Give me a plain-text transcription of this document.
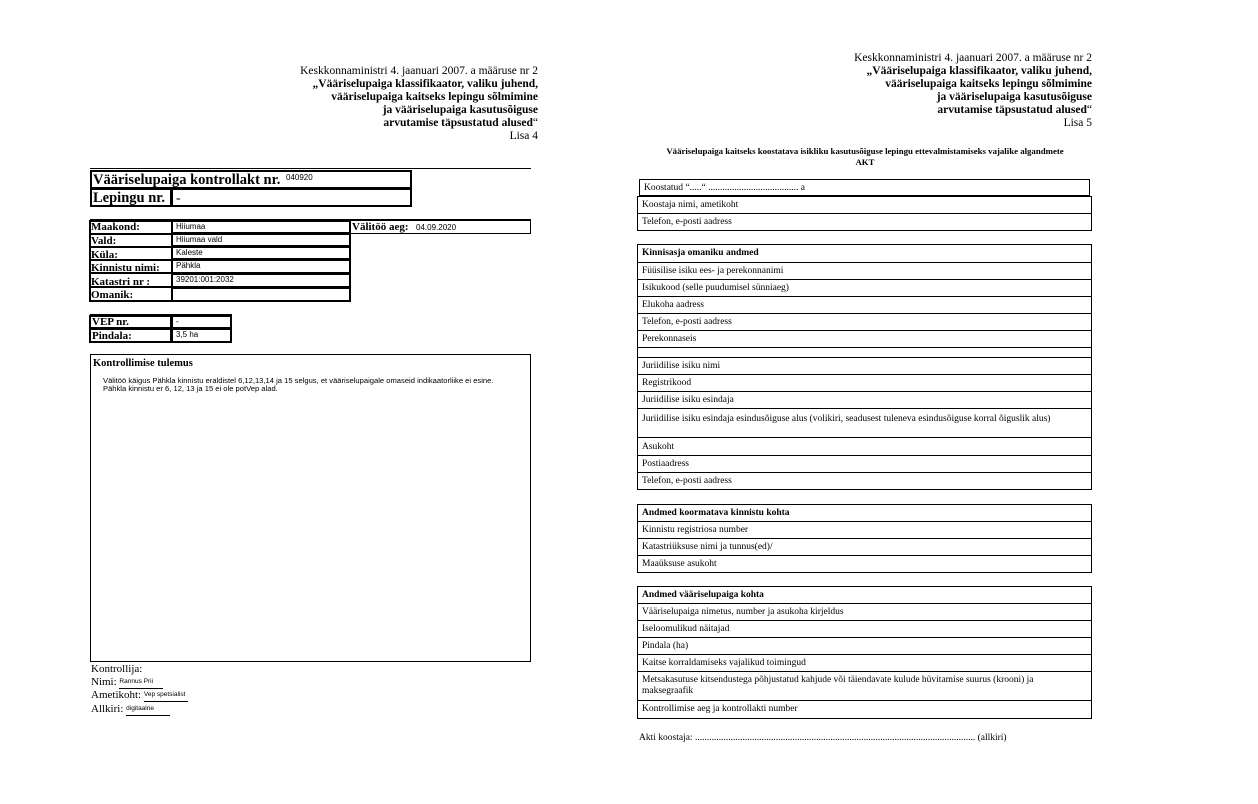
Keskkonnaministri 4. jaanuari 2007. a määruse nr 2
„Vääriselupaiga klassifikaator, valiku juhend,
vääriselupaiga kaitseks lepingu sõlmimine
ja vääriselupaiga kasutusõiguse
arvutamise täpsustatud alused“
Lisa 4
Vääriselupaiga kontrollakt nr. 040920
Lepingu nr. -
Maakond:	Hiiumaa
Vald:	Hiiumaa vald
Küla:	Kaleste
Kinnistu nimi:	Pähkla
Katastri nr :	39201:001:2032
Omanik:
Välitöö aeg: 04.09.2020
VEP nr.	-
Pindala:	3,5 ha
Kontrollimise tulemus
Välitöö käigus Pähkla kinnistu eraldistel 6,12,13,14 ja 15 selgus, et vääriselupaigale omaseid indikaatorliike ei esine.
Pähkla kinnistu er 6, 12, 13 ja 15 ei ole potVep alad.
Kontrollija:
Nimi: Rannus Prii
Ametikoht: Vep spetsialist
Allkiri: digitaalne
Keskkonnaministri 4. jaanuari 2007. a määruse nr 2
„Vääriselupaiga klassifikaator, valiku juhend,
vääriselupaiga kaitseks lepingu sõlmimine
ja vääriselupaiga kasutusõiguse
arvutamise täpsustatud alused“
Lisa 5
Vääriselupaiga kaitseks koostatava isikliku kasutusõiguse lepingu ettevalmistamiseks vajalike algandmete
AKT
Koostatud “.....“ ...................................... a
Koostaja nimi, ametikoht
Telefon, e-posti aadress
Kinnisasja omaniku andmed
Füüsilise isiku ees- ja perekonnanimi
Isikukood (selle puudumisel sünniaeg)
Elukoha aadress
Telefon, e-posti aadress
Perekonnaseis
Juriidilise isiku nimi
Registrikood
Juriidilise isiku esindaja
Juriidilise isiku esindaja esindusõiguse alus (volikiri, seadusest tuleneva esindusõiguse korral õiguslik alus)
Asukoht
Postiaadress
Telefon, e-posti aadress
Andmed koormatava kinnistu kohta
Kinnistu registriosa number
Katastriüksuse nimi ja tunnus(ed)/
Maaüksuse asukoht
Andmed vääriselupaiga kohta
Vääriselupaiga nimetus, number ja asukoha kirjeldus
Iseloomulikud näitajad
Pindala (ha)
Kaitse korraldamiseks vajalikud toimingud
Metsakasutuse kitsendustega põhjustatud kahjude või täiendavate kulude hüvitamise suurus (krooni) ja maksegraafik
Kontrollimise aeg ja kontrollakti number
Akti koostaja: ...................................................................................................................... (allkiri)
